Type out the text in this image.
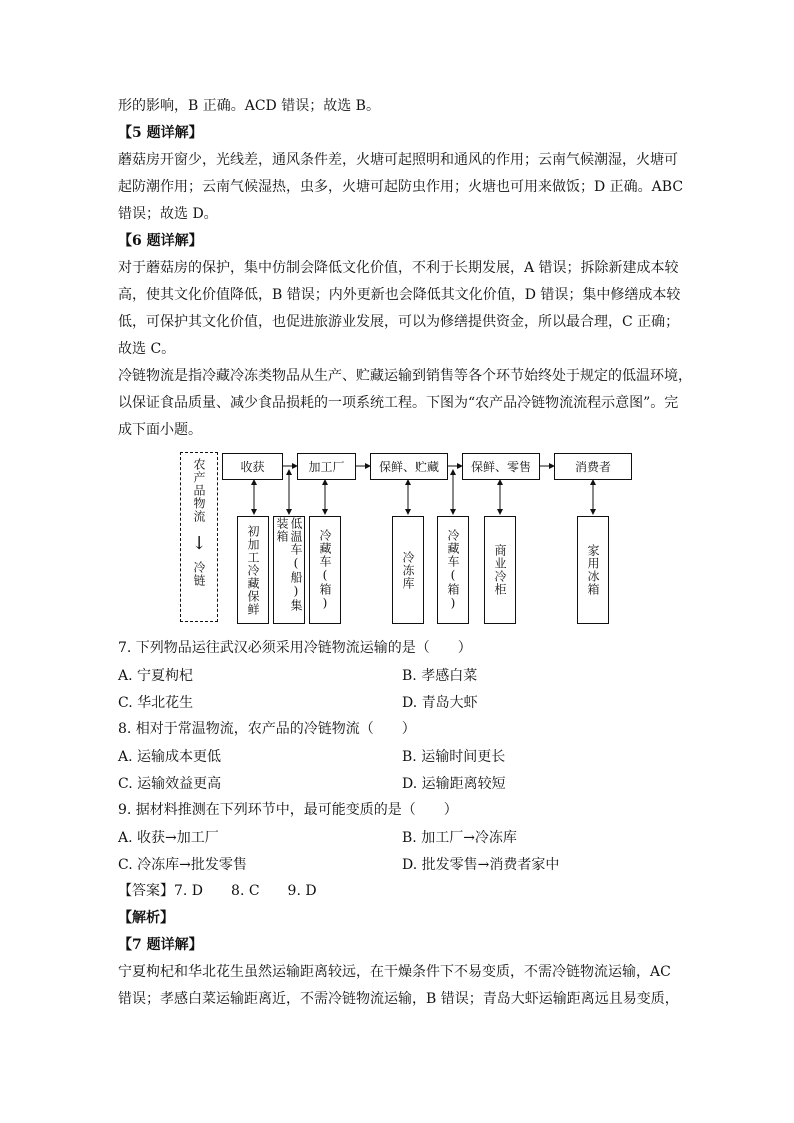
形的影响，B 正确。ACD 错误；故选 B。
【5 题详解】
蘑菇房开窗少，光线差，通风条件差，火塘可起照明和通风的作用；云南气候潮湿，火塘可
起防潮作用；云南气候湿热，虫多，火塘可起防虫作用；火塘也可用来做饭；D 正确。ABC
错误；故选 D。
【6 题详解】
对于蘑菇房的保护，集中仿制会降低文化价值，不利于长期发展，A 错误；拆除新建成本较
高，使其文化价值降低，B 错误；内外更新也会降低其文化价值，D 错误；集中修缮成本较
低，可保护其文化价值，也促进旅游业发展，可以为修缮提供资金，所以最合理，C 正确；
故选 C。
冷链物流是指冷藏冷冻类物品从生产、贮藏运输到销售等各个环节始终处于规定的低温环境，
以保证食品质量、减少食品损耗的一项系统工程。下图为“农产品冷链物流流程示意图”。完
成下面小题。
农产品物流
↓
冷链
收获	加工厂	保鲜、贮藏	保鲜、零售	消费者
初加工冷藏保鲜	低温车(船)集装箱	冷藏车(箱)	冷冻库	冷藏车(箱)	商业冷柜	家用冰箱
7. 下列物品运往武汉必须采用冷链物流运输的是（　　）
A. 宁夏枸杞	B. 孝感白菜
C. 华北花生	D. 青岛大虾
8. 相对于常温物流，农产品的冷链物流（　　）
A. 运输成本更低	B. 运输时间更长
C. 运输效益更高	D. 运输距离较短
9. 据材料推测在下列环节中，最可能变质的是（　　）
A. 收获→加工厂	B. 加工厂→冷冻库
C. 冷冻库→批发零售	D. 批发零售→消费者家中
【答案】7. D　　8. C　　9. D
【解析】
【7 题详解】
宁夏枸杞和华北花生虽然运输距离较远，在干燥条件下不易变质，不需冷链物流运输，AC
错误；孝感白菜运输距离近，不需冷链物流运输，B 错误；青岛大虾运输距离远且易变质，
